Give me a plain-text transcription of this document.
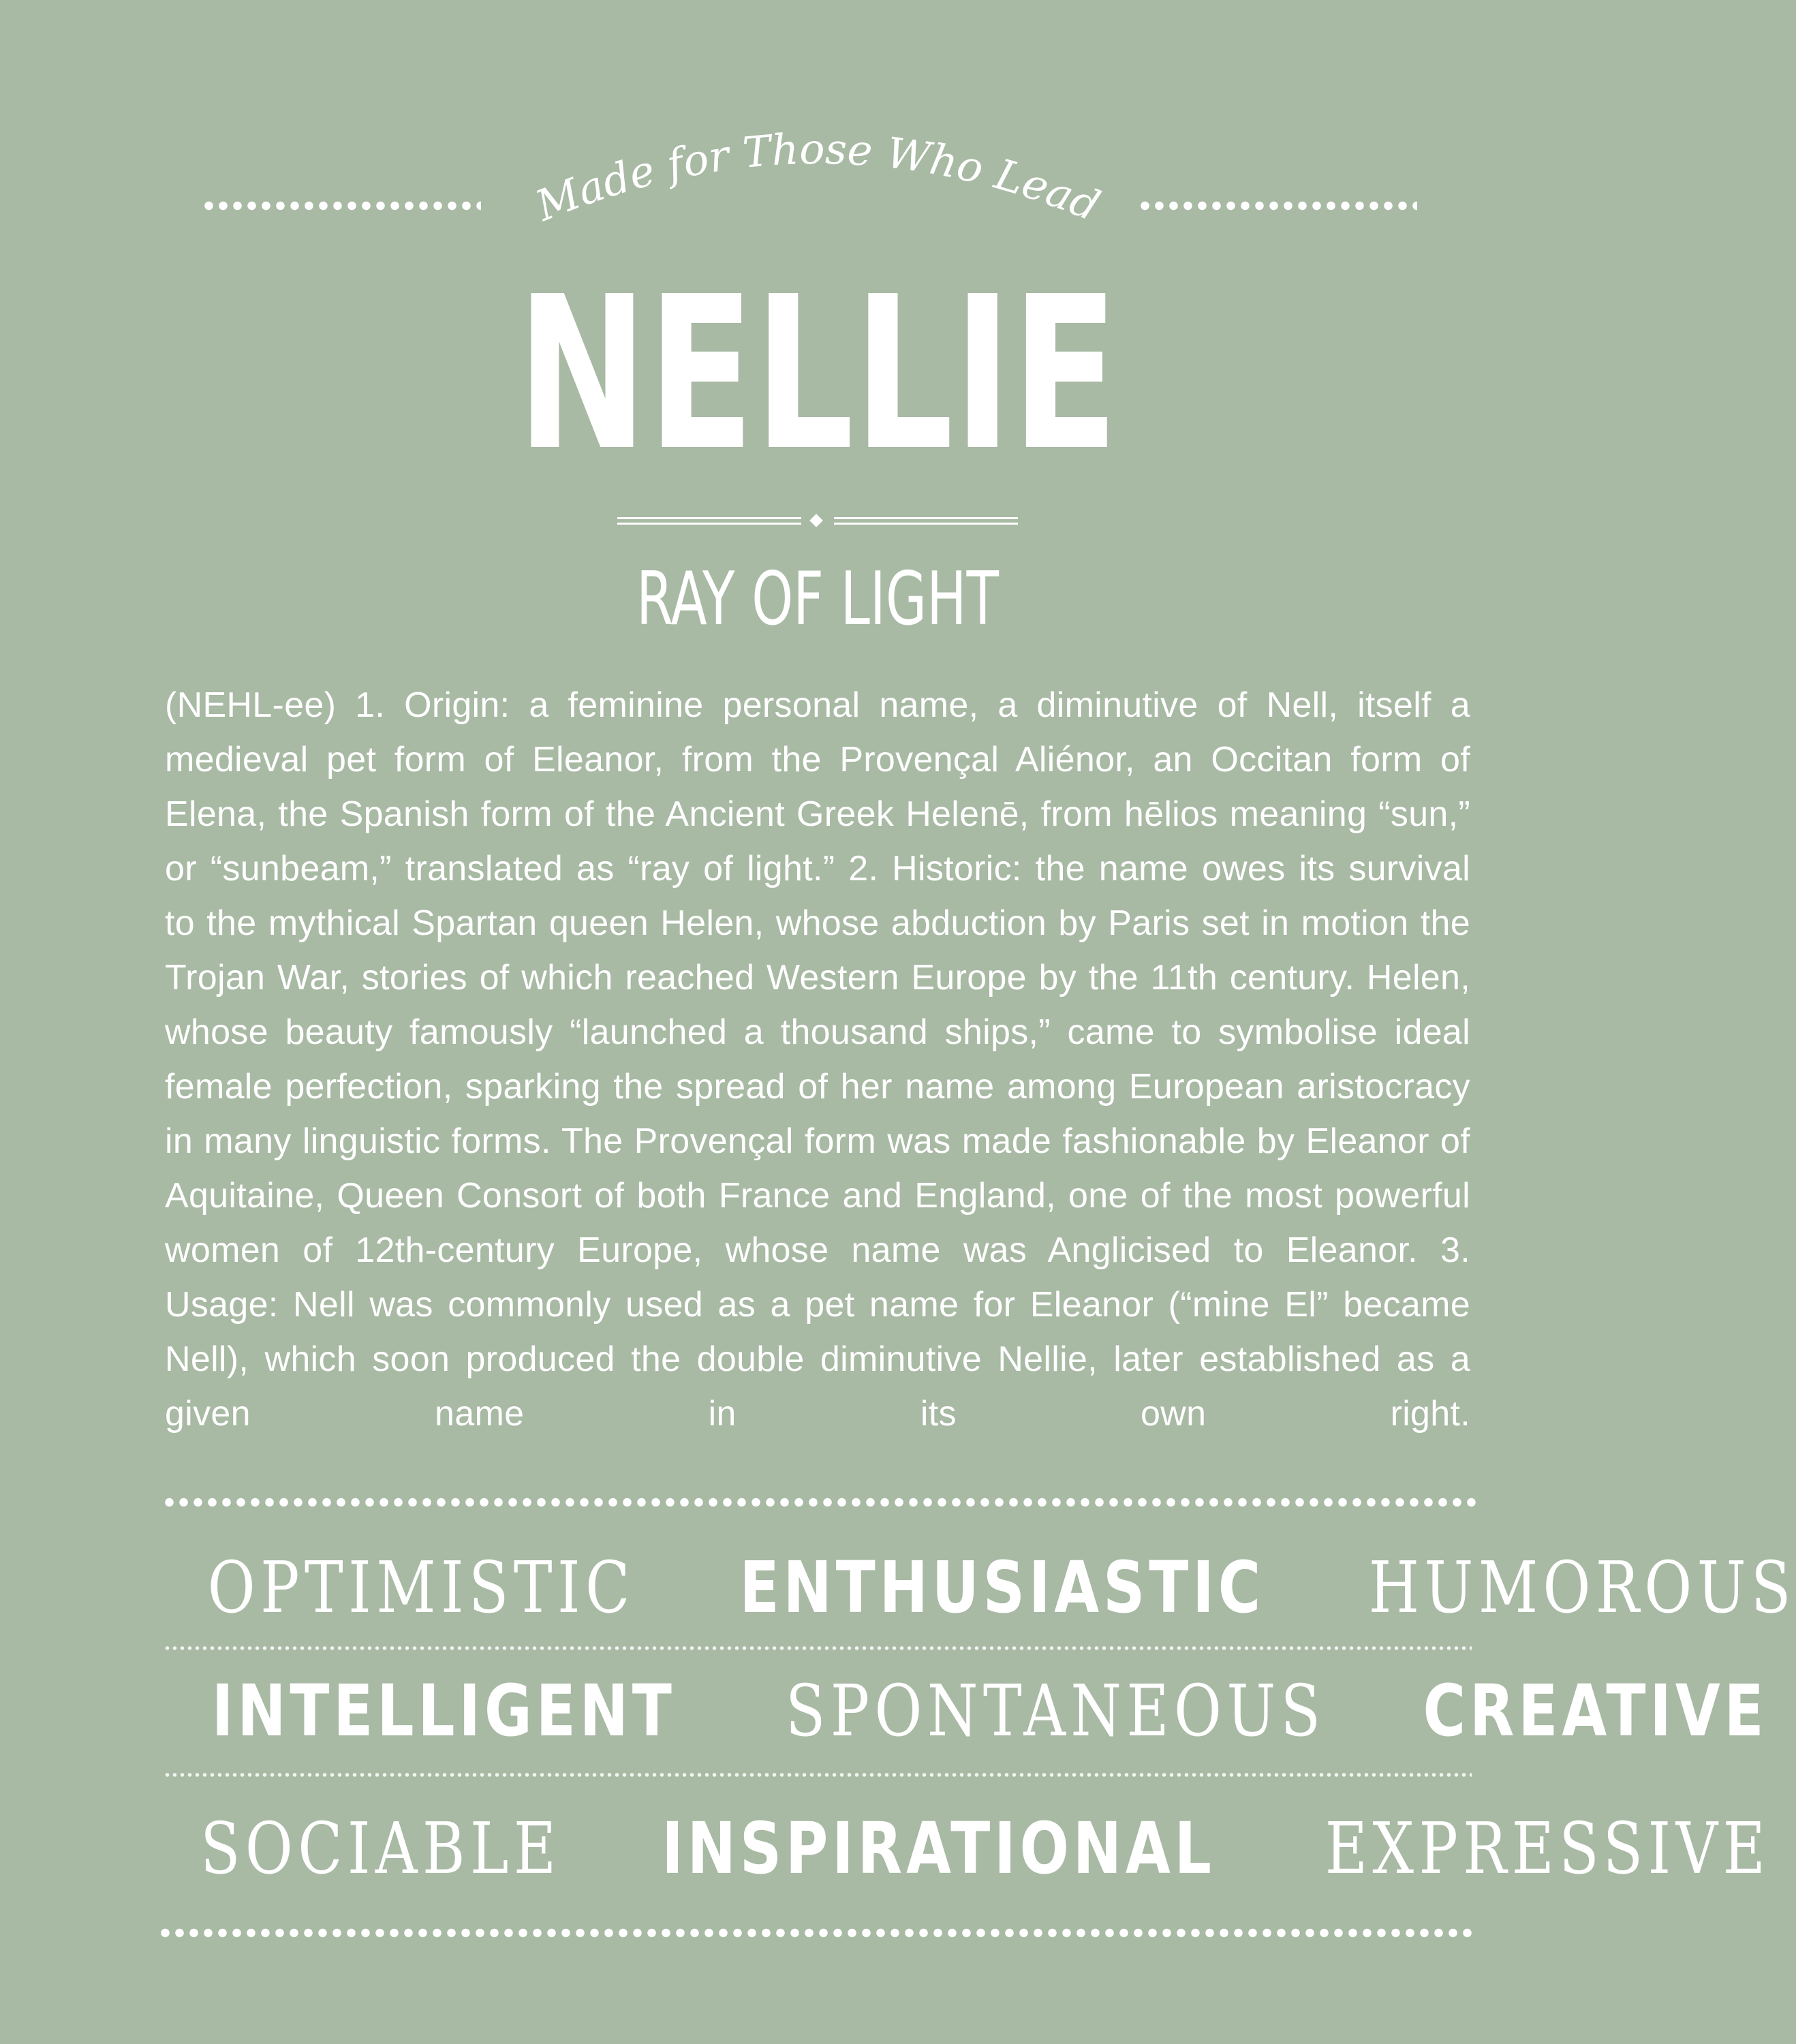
Made for Those Who Lead
NELLIE
RAY OF LIGHT
(NEHL-ee) 1. Origin: a feminine personal name, a diminutive of Nell, itself a medieval pet form of Eleanor, from the Provençal Aliénor, an Occitan form of Elena, the Spanish form of the Ancient Greek Helenē, from hēlios meaning “sun,” or “sunbeam,” translated as “ray of light.” 2. Historic: the name owes its survival to the mythical Spartan queen Helen, whose abduction by Paris set in motion the Trojan War, stories of which reached Western Europe by the 11th century. Helen, whose beauty famously “launched a thousand ships,” came to symbolise ideal female perfection, sparking the spread of her name among European aristocracy in many linguistic forms. The Provençal form was made fashionable by Eleanor of Aquitaine, Queen Consort of both France and England, one of the most powerful women of 12th-century Europe, whose name was Anglicised to Eleanor. 3. Usage: Nell was commonly used as a pet name for Eleanor (“mine El” became Nell), which soon produced the double diminutive Nellie, later established as a given name in its own right.
OPTIMISTIC ENTHUSIASTIC HUMOROUS
INTELLIGENT SPONTANEOUS CREATIVE
SOCIABLE INSPIRATIONAL EXPRESSIVE
